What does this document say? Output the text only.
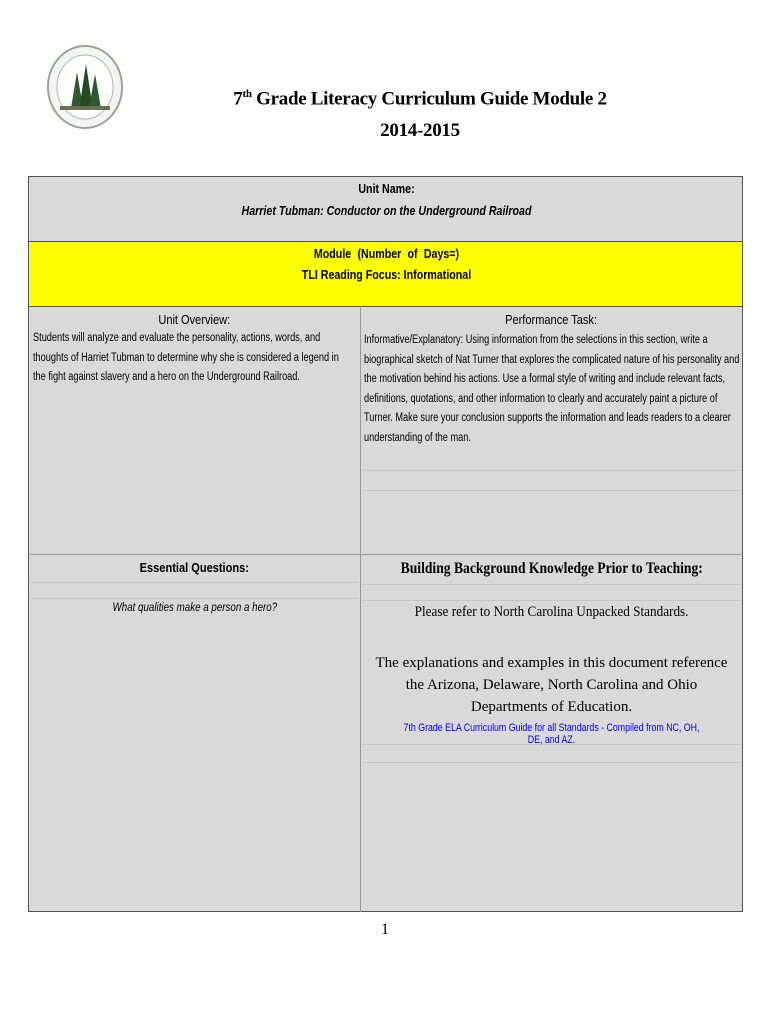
7th Grade Literacy Curriculum Guide Module 2
2014-2015
Unit Name:
Harriet Tubman: Conductor on the Underground Railroad
Module (Number of Days=)
TLI Reading Focus: Informational
Unit Overview:
Students will analyze and evaluate the personality, actions, words, and
thoughts of Harriet Tubman to determine why she is considered a legend in
the fight against slavery and a hero on the Underground Railroad.
Performance Task:
Informative/Explanatory: Using information from the selections in this section, write a
biographical sketch of Nat Turner that explores the complicated nature of his personality and
the motivation behind his actions. Use a formal style of writing and include relevant facts,
definitions, quotations, and other information to clearly and accurately paint a picture of
Turner. Make sure your conclusion supports the information and leads readers to a clearer
understanding of the man.
Essential Questions:
What qualities make a person a hero?
Building Background Knowledge Prior to Teaching:
Please refer to North Carolina Unpacked Standards.
The explanations and examples in this document reference the Arizona, Delaware, North Carolina and Ohio Departments of Education.
7th Grade ELA Curriculum Guide for all Standards - Compiled from NC, OH, DE, and AZ.
1
